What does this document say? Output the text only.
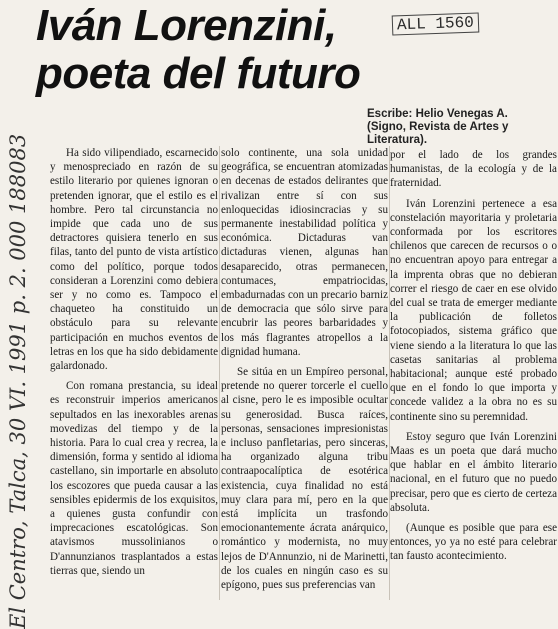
Iván Lorenzini,
poeta del futuro
ALL 1560
Escribe: Helio Venegas A.
(Signo, Revista de Artes y Literatura).
El Centro, Talca, 30 VI. 1991 p. 2. 000 188083	Ha sido vilipendiado, escarnecido y menospreciado en razón de su estilo literario por quienes ignoran o pretenden ignorar, que el estilo es el hombre. Pero tal circunstancia no impide que cada uno de sus detractores quisiera tenerlo en sus filas, tanto del punto de vista artístico como del político, porque todos consideran a Lorenzini como debiera ser y no como es. Tampoco el chaqueteo ha constituido un obstáculo para su relevante participación en muchos eventos de letras en los que ha sido debidamente galardonado.

Con romana prestancia, su ideal es reconstruir imperios americanos sepultados en las inexorables arenas movedizas del tiempo y de la historia. Para lo cual crea y recrea, la dimensión, forma y sentido al idioma castellano, sin importarle en absoluto los escozores que pueda causar a las sensibles epidermis de los exquisitos, a quienes gusta confundir con imprecaciones escatológicas. Son atavismos mussolinianos o D'annunzianos trasplantados a estas tierras que, siendo un

solo continente, una sola unidad geográfica, se encuentran atomizadas en decenas de estados delirantes que rivalizan entre sí con sus enloquecidas idiosincracias y su permanente inestabilidad política y económica. Dictaduras van dictaduras vienen, algunas han desaparecido, otras permanecen, contumaces, empatriocidas, embadurnadas con un precario barniz de democracia que sólo sirve para encubrir las peores barbaridades y los más flagrantes atropellos a la dignidad humana.

Se sitúa en un Empíreo personal, pretende no querer torcerle el cuello al cisne, pero le es imposible ocultar su generosidad. Busca raíces, personas, sensaciones impresionistas e incluso panfletarias, pero sinceras, ha organizado alguna tribu contraapocalíptica de esotérica existencia, cuya finalidad no está muy clara para mí, pero en la que está implícita un trasfondo emocionantemente ácrata anárquico, romántico y modernista, no muy lejos de D'Annunzio, ni de Marinetti, de los cuales en ningún caso es su epígono, pues sus preferencias van

por el lado de los grandes humanistas, de la ecología y de la fraternidad.

Iván Lorenzini pertenece a esa constelación mayoritaria y proletaria conformada por los escritores chilenos que carecen de recursos o o no encuentran apoyo para entregar a la imprenta obras que no debieran correr el riesgo de caer en ese olvido del cual se trata de emerger mediante la publicación de folletos fotocopiados, sistema gráfico que viene siendo a la literatura lo que las casetas sanitarias al problema habitacional; aunque esté probado que en el fondo lo que importa y concede validez a la obra no es su continente sino su peremnidad.

Estoy seguro que Iván Lorenzini Maas es un poeta que dará mucho que hablar en el ámbito literario nacional, en el futuro que no puedo precisar, pero que es cierto de certeza absoluta.

(Aunque es posible que para ese entonces, yo ya no esté para celebrar tan fausto acontecimiento.
